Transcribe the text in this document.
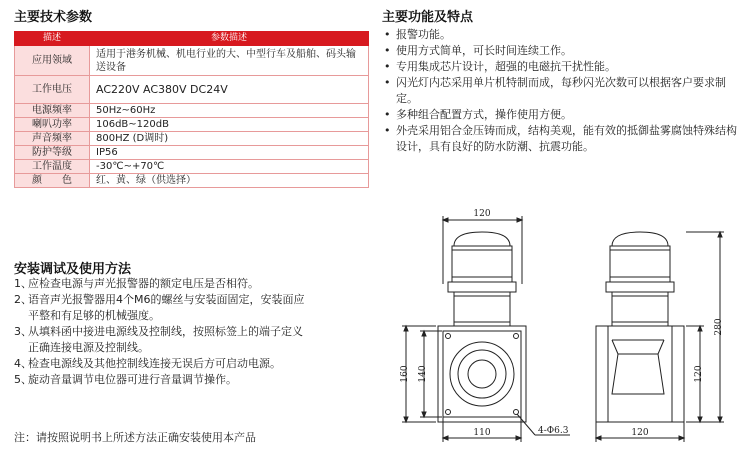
主要技术参数
描述	参数描述
应用领域	适用于港务机械、机电行业的大、中型行车及船舶、码头输送设备
工作电压	AC220V AC380V DC24V
电源频率	50Hz~60Hz
喇叭功率	106dB~120dB
声音频率	800HZ (D调时)
防护等级	IP56
工作温度	-30℃~+70℃
颜　　色	红、黄、绿（供选择）
主要功能及特点
• 报警功能。
• 使用方式简单，可长时间连续工作。
• 专用集成芯片设计，超强的电磁抗干扰性能。
• 闪光灯内芯采用单片机特制而成，每秒闪光次数可以根据客户要求制定。
• 多种组合配置方式，操作使用方便。
• 外壳采用铝合金压铸而成，结构美观，能有效的抵御盐雾腐蚀特殊结构设计，具有良好的防水防潮、抗震功能。
安装调试及使用方法
1、应检查电源与声光报警器的额定电压是否相符。
2、语音声光报警器用4个M6的螺丝与安装面固定，安装面应
平整和有足够的机械强度。
3、从填料函中接进电源线及控制线，按照标签上的端子定义
正确连接电源及控制线。
4、检查电源线及其他控制线连接无误后方可启动电源。
5、旋动音量调节电位器可进行音量调节操作。
注：请按照说明书上所述方法正确安装使用本产品
120
160 140
110	4-Φ6.3
280
120
120
